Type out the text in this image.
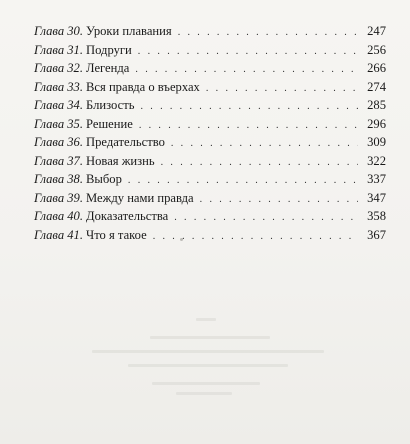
Глава 30. Уроки плавания . . .	247
Глава 31. Подруги . . .	256
Глава 32. Легенда . . .	266
Глава 33. Вся правда о въерхах . . .	274
Глава 34. Близость . . .	285
Глава 35. Решение . . .	296
Глава 36. Предательство . . .	309
Глава 37. Новая жизнь . . .	322
Глава 38. Выбор . . .	337
Глава 39. Между нами правда . . .	347
Глава 40. Доказательства . . .	358
Глава 41. Что я такое . . .	367
